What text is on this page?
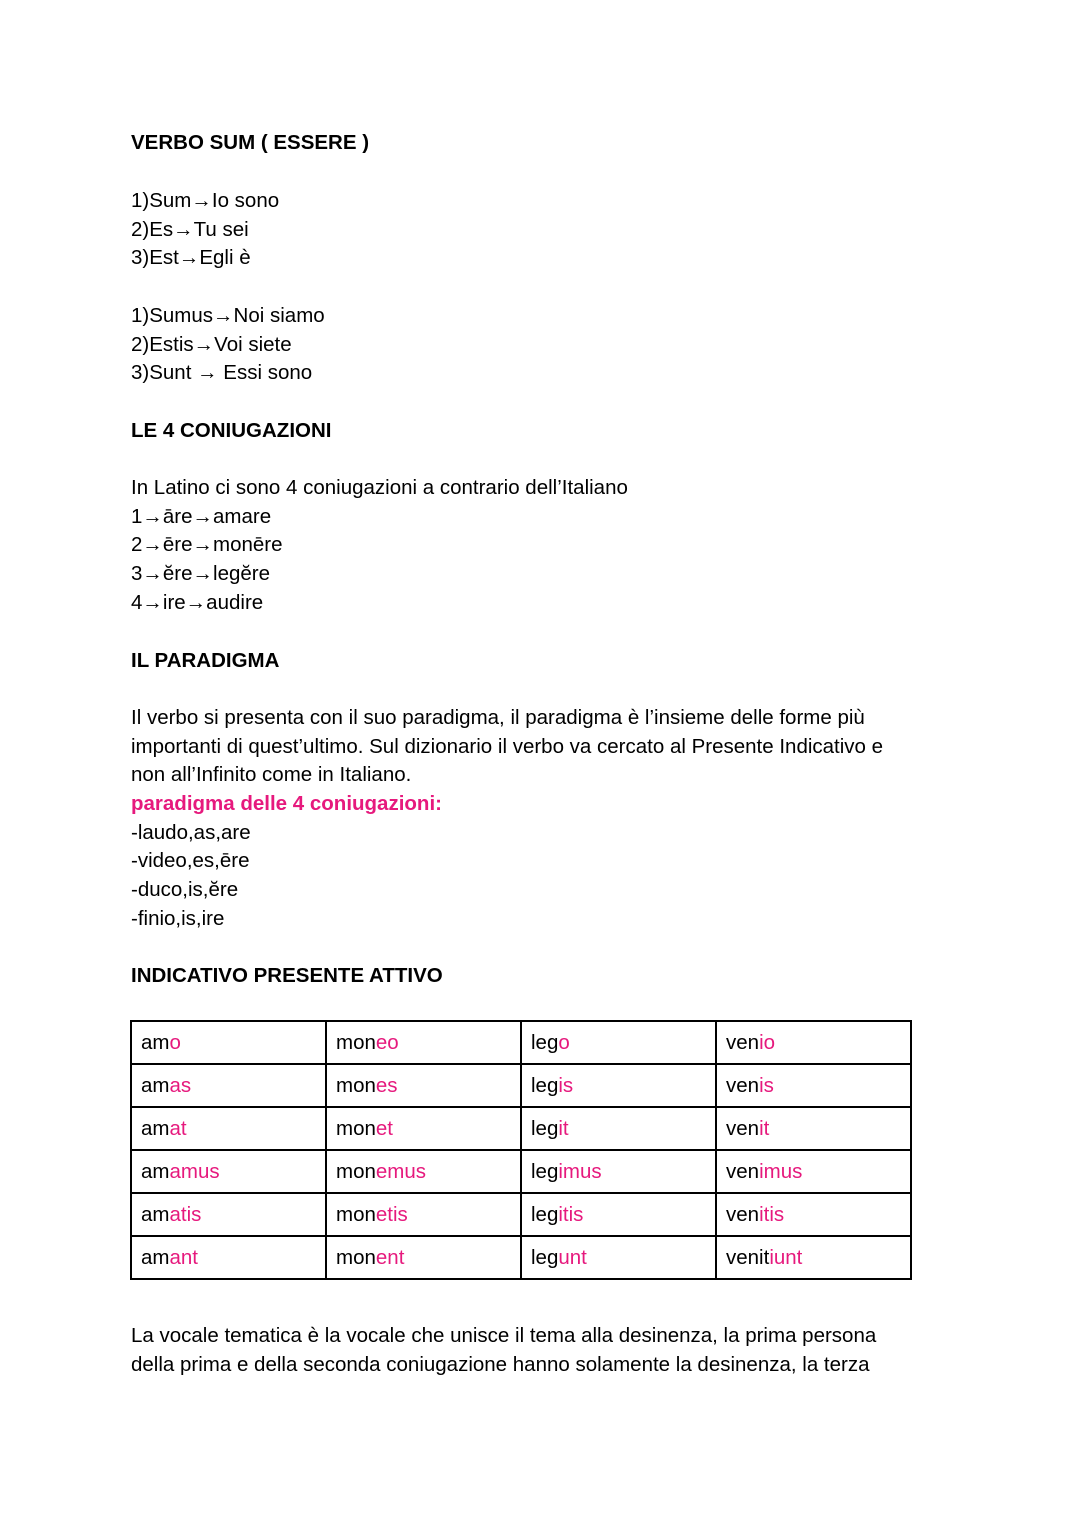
VERBO SUM ( ESSERE )
1)Sum→Io sono
2)Es→Tu sei
3)Est→Egli è
1)Sumus→Noi siamo
2)Estis→Voi siete
3)Sunt → Essi sono
LE 4 CONIUGAZIONI
In Latino ci sono 4 coniugazioni a contrario dell’Italiano
1→āre→amare
2→ēre→monēre
3→ĕre→legĕre
4→ire→audire
IL PARADIGMA
Il verbo si presenta con il suo paradigma, il paradigma è l’insieme delle forme più
importanti di quest’ultimo. Sul dizionario il verbo va cercato al Presente Indicativo e
non all’Infinito come in Italiano.
paradigma delle 4 coniugazioni:
-laudo,as,are
-video,es,ēre
-duco,is,ĕre
-finio,is,ire
INDICATIVO PRESENTE ATTIVO
amo	moneo	lego	venio
amas	mones	legis	venis
amat	monet	legit	venit
amamus	monemus	legimus	venimus
amatis	monetis	legitis	venitis
amant	monent	legunt	venitiunt
La vocale tematica è la vocale che unisce il tema alla desinenza, la prima persona
della prima e della seconda coniugazione hanno solamente la desinenza, la terza
